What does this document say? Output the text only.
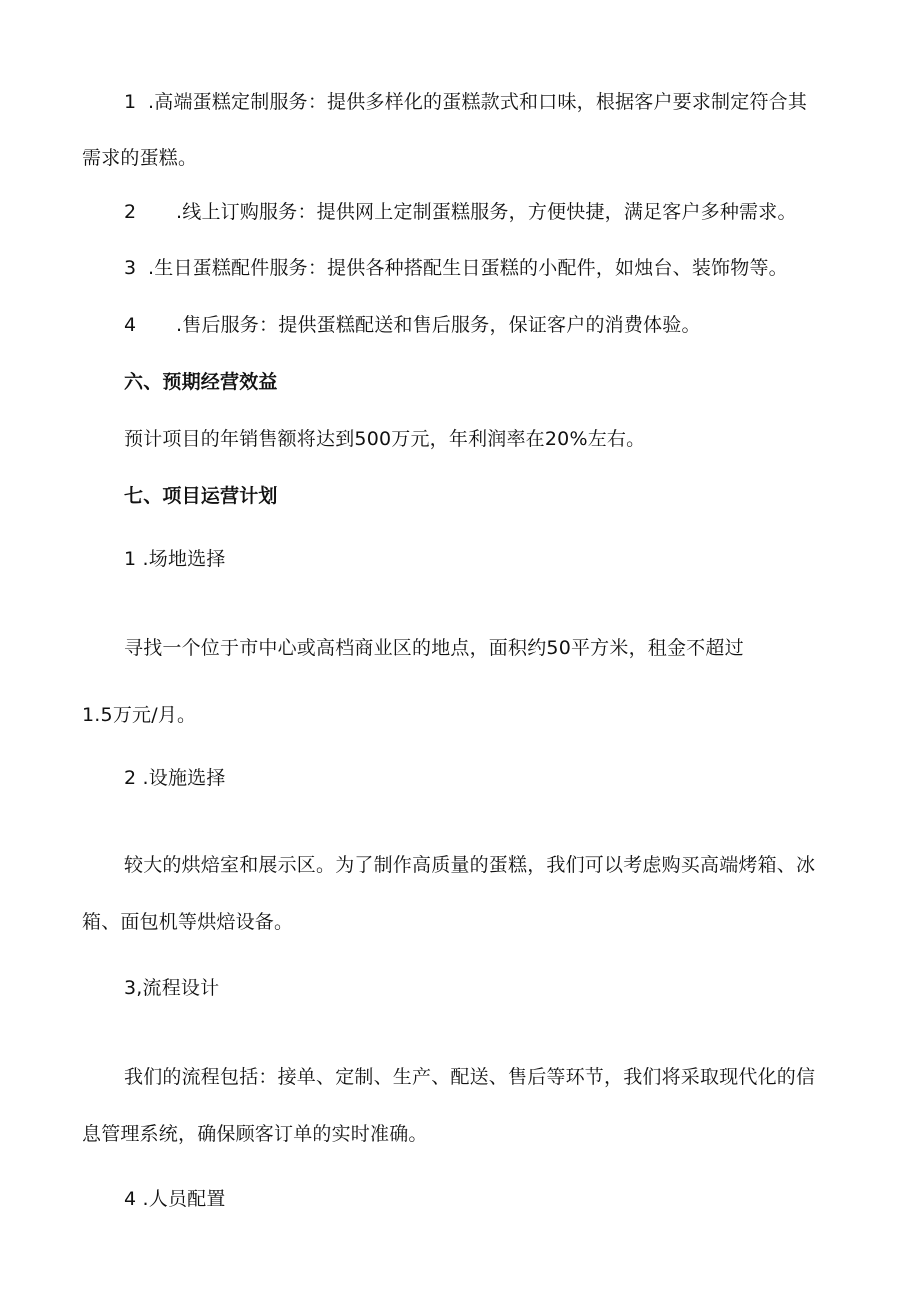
1 .高端蛋糕定制服务：提供多样化的蛋糕款式和口味，根据客户要求制定符合其
需求的蛋糕。
2 .线上订购服务：提供网上定制蛋糕服务，方便快捷，满足客户多种需求。
3 .生日蛋糕配件服务：提供各种搭配生日蛋糕的小配件，如烛台、装饰物等。
4 .售后服务：提供蛋糕配送和售后服务，保证客户的消费体验。
六、预期经营效益
预计项目的年销售额将达到500万元，年利润率在20%左右。
七、项目运营计划
1 .场地选择
寻找一个位于市中心或高档商业区的地点，面积约50平方米，租金不超过
1.5万元/月。
2 .设施选择
较大的烘焙室和展示区。为了制作高质量的蛋糕，我们可以考虑购买高端烤箱、冰
箱、面包机等烘焙设备。
3,流程设计
我们的流程包括：接单、定制、生产、配送、售后等环节，我们将采取现代化的信
息管理系统，确保顾客订单的实时准确。
4 .人员配置
